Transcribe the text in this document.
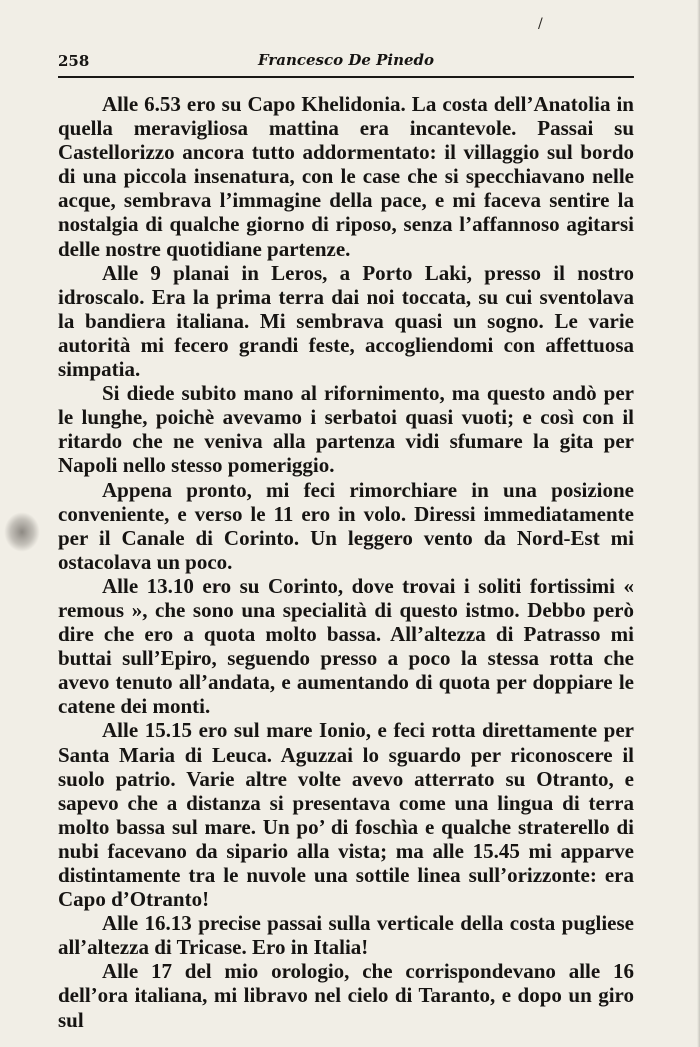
/
258	Francesco De Pinedo

Alle 6.53 ero su Capo Khelidonia. La costa dell’Anatolia in quella meravigliosa mattina era incantevole. Passai su Castellorizzo ancora tutto addormentato: il villaggio sul bordo di una piccola insenatura, con le case che si specchiavano nelle acque, sembrava l’immagine della pace, e mi faceva sentire la nostalgia di qualche giorno di riposo, senza l’affannoso agitarsi delle nostre quotidiane partenze.

Alle 9 planai in Leros, a Porto Laki, presso il nostro idroscalo. Era la prima terra dai noi toccata, su cui sventolava la bandiera italiana. Mi sembrava quasi un sogno. Le varie autorità mi fecero grandi feste, accogliendomi con affettuosa simpatia.

Si diede subito mano al rifornimento, ma questo andò per le lunghe, poichè avevamo i serbatoi quasi vuoti; e così con il ritardo che ne veniva alla partenza vidi sfumare la gita per Napoli nello stesso pomeriggio.

Appena pronto, mi feci rimorchiare in una posizione conveniente, e verso le 11 ero in volo. Diressi immediatamente per il Canale di Corinto. Un leggero vento da Nord-Est mi ostacolava un poco.

Alle 13.10 ero su Corinto, dove trovai i soliti fortissimi « remous », che sono una specialità di questo istmo. Debbo però dire che ero a quota molto bassa. All’altezza di Patrasso mi buttai sull’Epiro, seguendo presso a poco la stessa rotta che avevo tenuto all’andata, e aumentando di quota per doppiare le catene dei monti.

Alle 15.15 ero sul mare Ionio, e feci rotta direttamente per Santa Maria di Leuca. Aguzzai lo sguardo per riconoscere il suolo patrio. Varie altre volte avevo atterrato su Otranto, e sapevo che a distanza si presentava come una lingua di terra molto bassa sul mare. Un po’ di foschìa e qualche straterello di nubi facevano da sipario alla vista; ma alle 15.45 mi apparve distintamente tra le nuvole una sottile linea sull’orizzonte: era Capo d’Otranto!

Alle 16.13 precise passai sulla verticale della costa pugliese all’altezza di Tricase. Ero in Italia!

Alle 17 del mio orologio, che corrispondevano alle 16 dell’ora italiana, mi libravo nel cielo di Taranto, e dopo un giro sul
